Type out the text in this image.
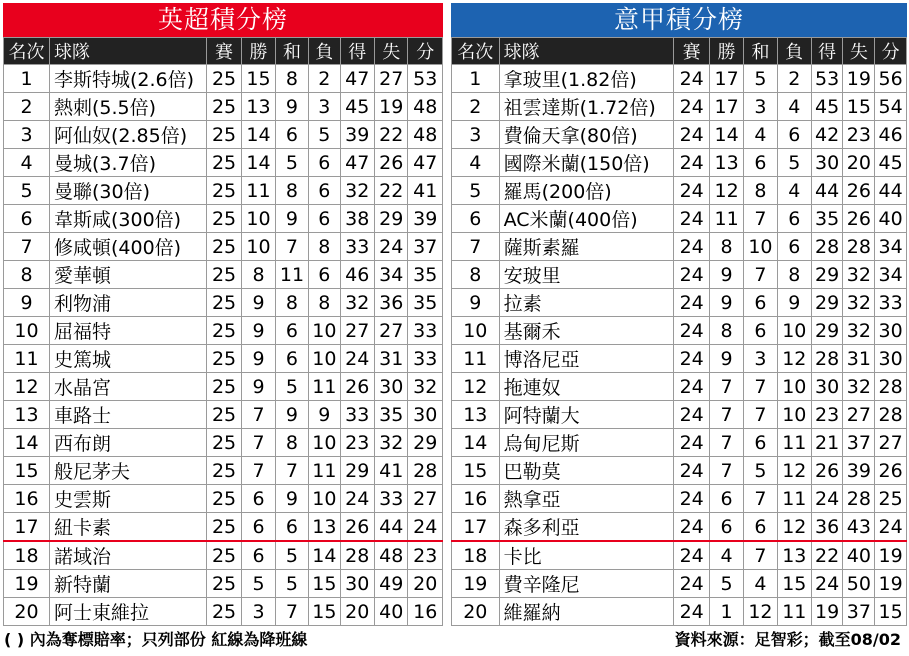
英超積分榜
名次	球隊	賽	勝	和	負	得	失	分
1	李斯特城(2.6倍)	25	15	8	2	47	27	53
2	熱刺(5.5倍)	25	13	9	3	45	19	48
3	阿仙奴(2.85倍)	25	14	6	5	39	22	48
4	曼城(3.7倍)	25	14	5	6	47	26	47
5	曼聯(30倍)	25	11	8	6	32	22	41
6	韋斯咸(300倍)	25	10	9	6	38	29	39
7	修咸頓(400倍)	25	10	7	8	33	24	37
8	愛華頓	25	8	11	6	46	34	35
9	利物浦	25	9	8	8	32	36	35
10	屈福特	25	9	6	10	27	27	33
11	史篤城	25	9	6	10	24	31	33
12	水晶宮	25	9	5	11	26	30	32
13	車路士	25	7	9	9	33	35	30
14	西布朗	25	7	8	10	23	32	29
15	般尼茅夫	25	7	7	11	29	41	28
16	史雲斯	25	6	9	10	24	33	27
17	紐卡素	25	6	6	13	26	44	24
18	諾域治	25	6	5	14	28	48	23
19	新特蘭	25	5	5	15	30	49	20
20	阿士東維拉	25	3	7	15	20	40	16
意甲積分榜
名次	球隊	賽	勝	和	負	得	失	分
1	拿玻里(1.82倍)	24	17	5	2	53	19	56
2	祖雲達斯(1.72倍)	24	17	3	4	45	15	54
3	費倫天拿(80倍)	24	14	4	6	42	23	46
4	國際米蘭(150倍)	24	13	6	5	30	20	45
5	羅馬(200倍)	24	12	8	4	44	26	44
6	AC米蘭(400倍)	24	11	7	6	35	26	40
7	薩斯素羅	24	8	10	6	28	28	34
8	安玻里	24	9	7	8	29	32	34
9	拉素	24	9	6	9	29	32	33
10	基爾禾	24	8	6	10	29	32	30
11	博洛尼亞	24	9	3	12	28	31	30
12	拖連奴	24	7	7	10	30	32	28
13	阿特蘭大	24	7	7	10	23	27	28
14	烏甸尼斯	24	7	6	11	21	37	27
15	巴勒莫	24	7	5	12	26	39	26
16	熱拿亞	24	6	7	11	24	28	25
17	森多利亞	24	6	6	12	36	43	24
18	卡比	24	4	7	13	22	40	19
19	費辛隆尼	24	5	4	15	24	50	19
20	維羅納	24	1	12	11	19	37	15
( ) 內為奪標賠率；只列部份 紅線為降班線	資料來源：足智彩；截至08/02
